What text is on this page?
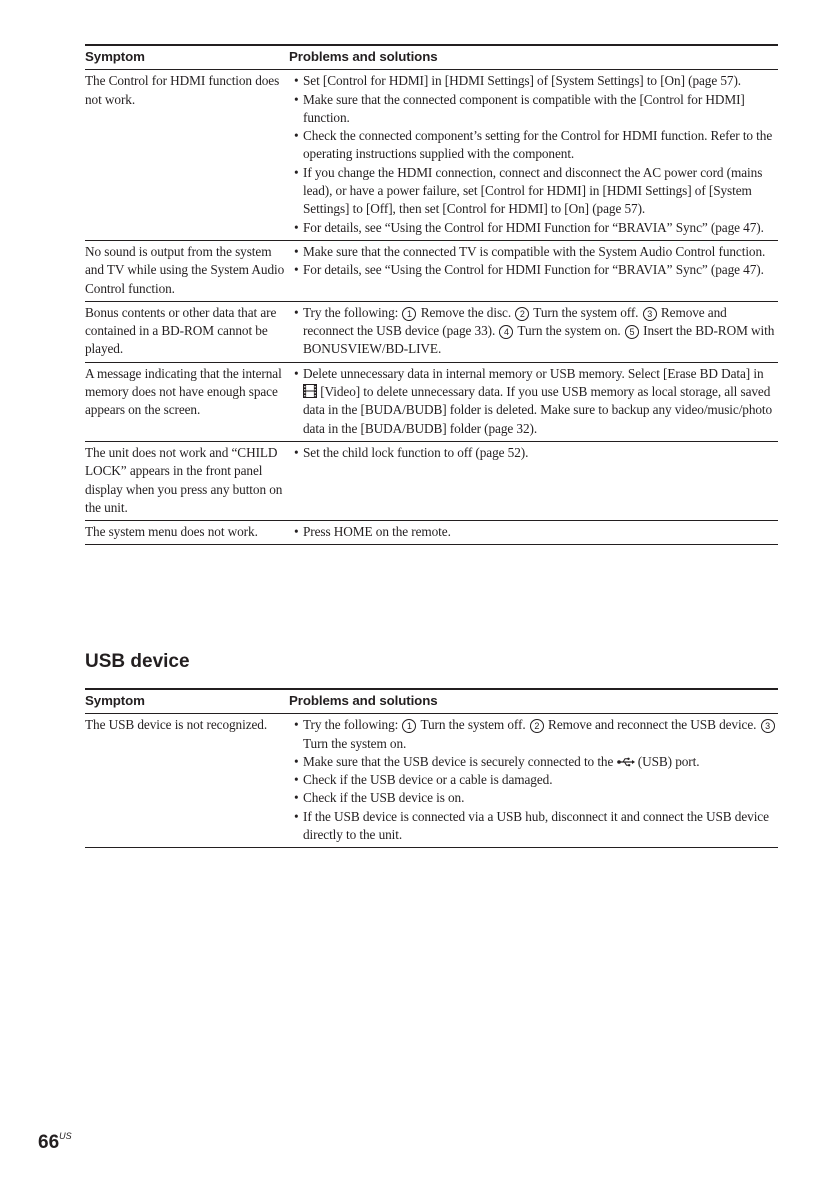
Symptom	Problems and solutions
The Control for HDMI function does not work.
• Set [Control for HDMI] in [HDMI Settings] of [System Settings] to [On] (page 57).
• Make sure that the connected component is compatible with the [Control for HDMI] function.
• Check the connected component’s setting for the Control for HDMI function. Refer to the operating instructions supplied with the component.
• If you change the HDMI connection, connect and disconnect the AC power cord (mains lead), or have a power failure, set [Control for HDMI] in [HDMI Settings] of [System Settings] to [Off], then set [Control for HDMI] to [On] (page 57).
• For details, see “Using the Control for HDMI Function for “BRAVIA” Sync” (page 47).
No sound is output from the system and TV while using the System Audio Control function.
• Make sure that the connected TV is compatible with the System Audio Control function.
• For details, see “Using the Control for HDMI Function for “BRAVIA” Sync” (page 47).
Bonus contents or other data that are contained in a BD-ROM cannot be played.
• Try the following: 1 Remove the disc. 2 Turn the system off. 3 Remove and reconnect the USB device (page 33). 4 Turn the system on. 5 Insert the BD-ROM with BONUSVIEW/BD-LIVE.
A message indicating that the internal memory does not have enough space appears on the screen.
• Delete unnecessary data in internal memory or USB memory. Select [Erase BD Data] in  [Video] to delete unnecessary data. If you use USB memory as local storage, all saved data in the [BUDA/BUDB] folder is deleted. Make sure to backup any video/music/photo data in the [BUDA/BUDB] folder (page 32).
The unit does not work and “CHILD LOCK” appears in the front panel display when you press any button on the unit.
• Set the child lock function to off (page 52).
The system menu does not work.	• Press HOME on the remote.
USB device
Symptom	Problems and solutions
The USB device is not recognized.	• Try the following: 1 Turn the system off. 2 Remove and reconnect the USB device. 3 Turn the system on.
• Make sure that the USB device is securely connected to the (USB) port.
• Check if the USB device or a cable is damaged.
• Check if the USB device is on.
• If the USB device is connected via a USB hub, disconnect it and connect the USB device directly to the unit.
$66^{US}$
